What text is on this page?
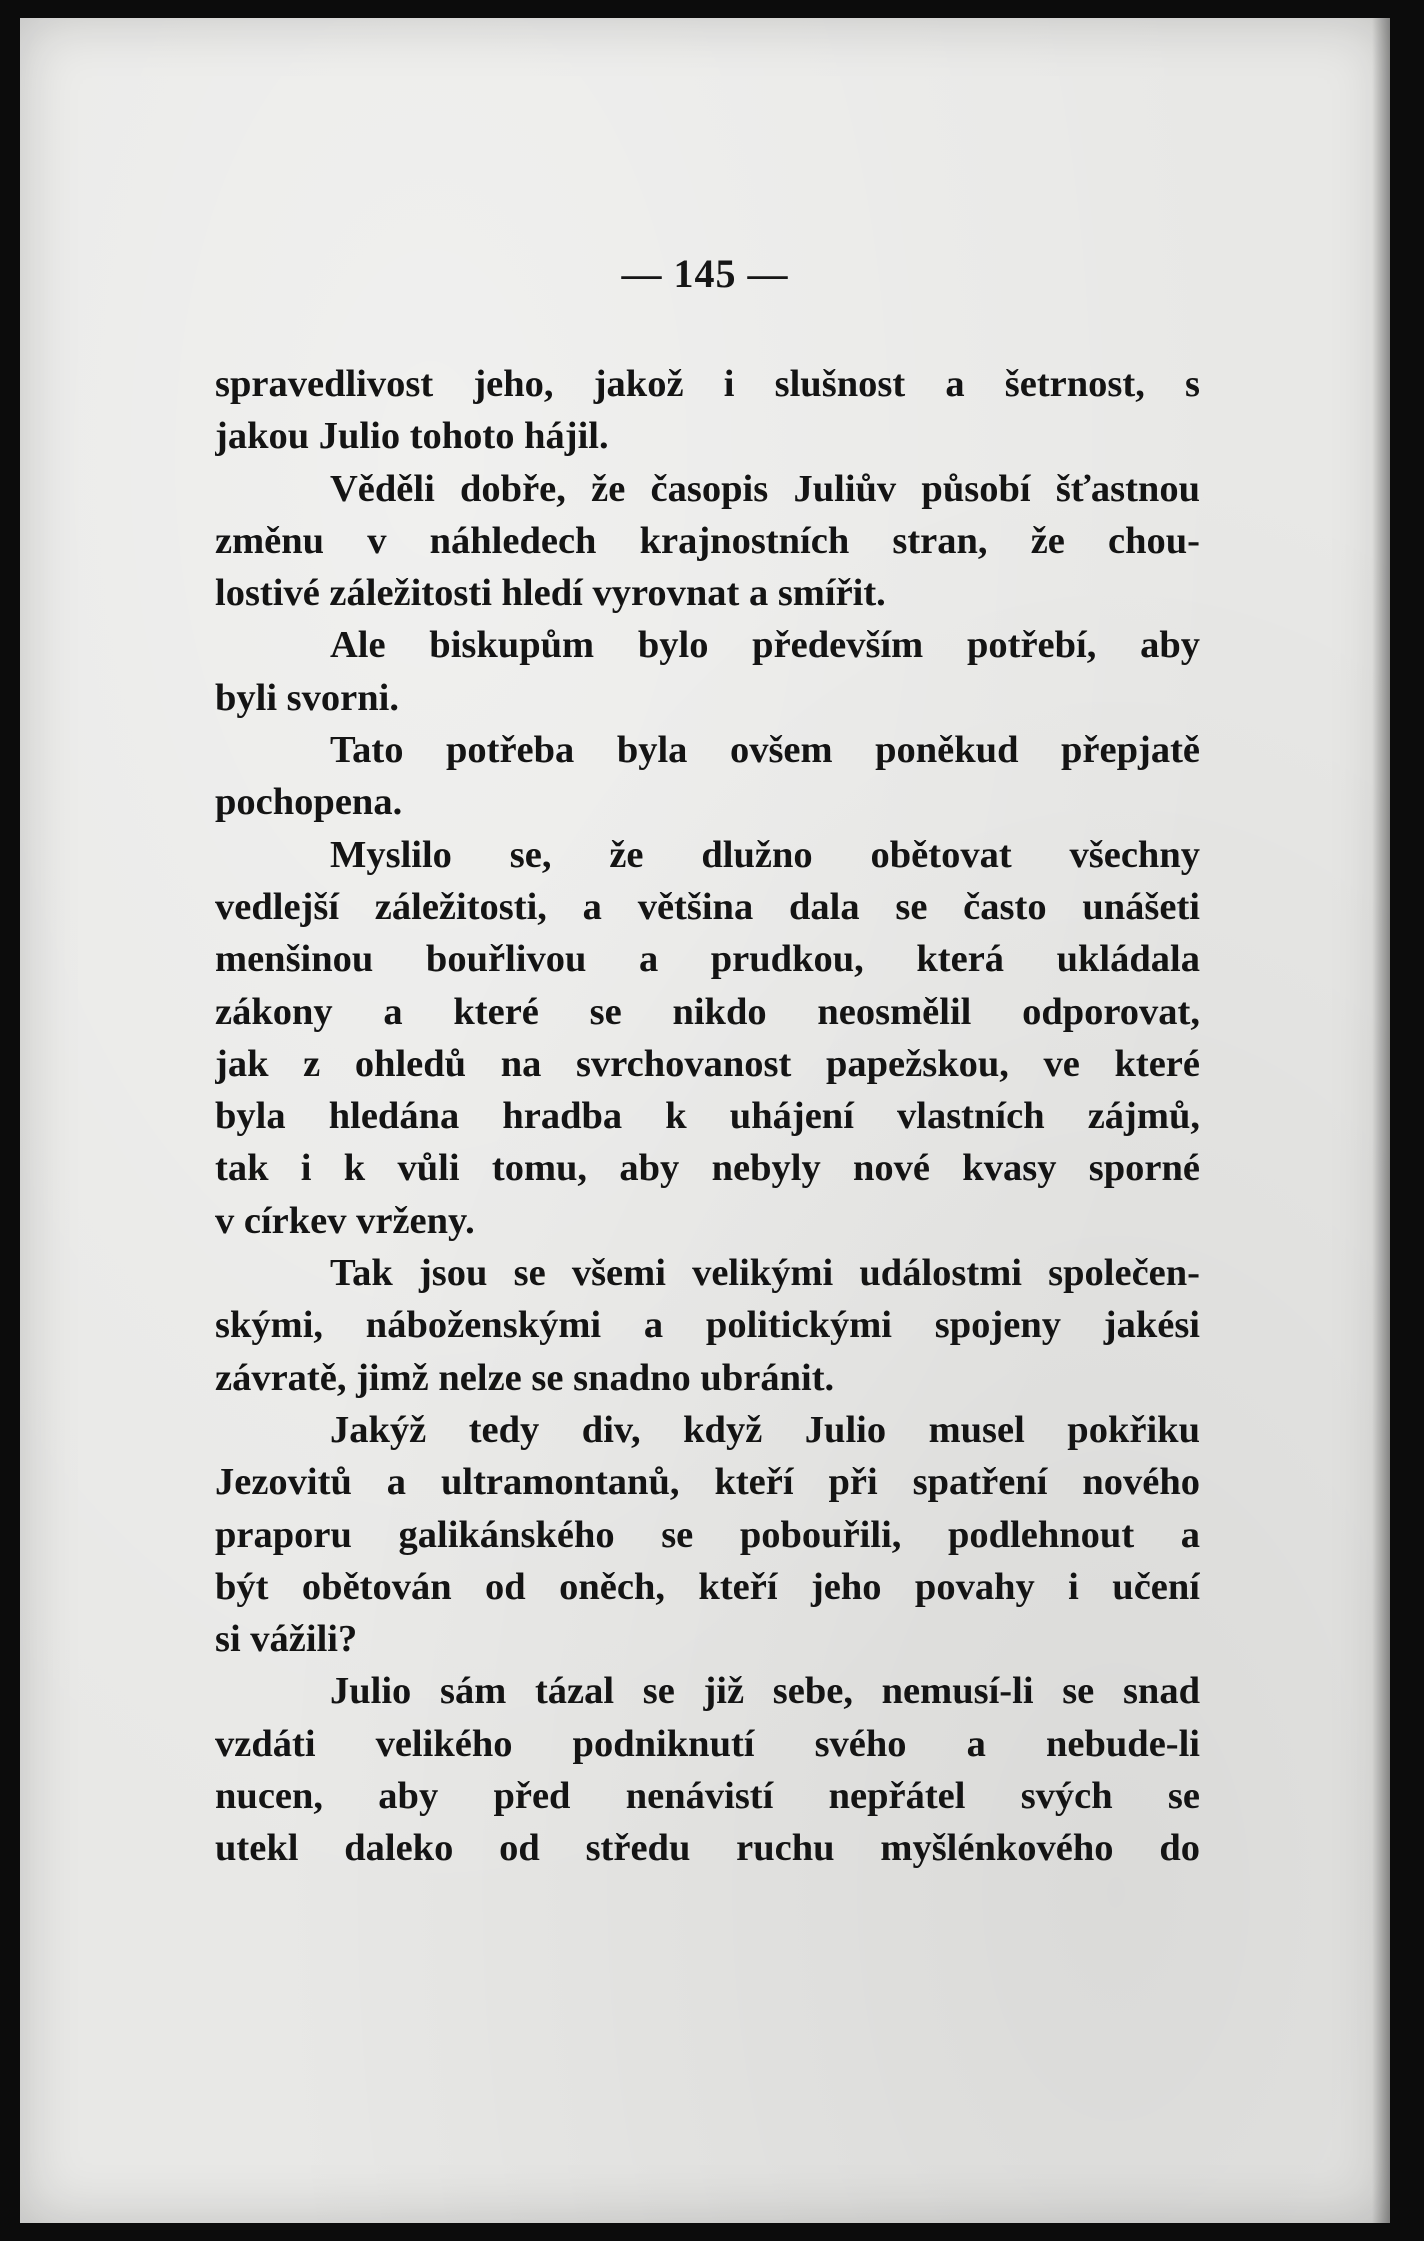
— 145 —
spravedlivost jeho, jakož i slušnost a šetrnost, s
jakou Julio tohoto hájil.
Věděli dobře, že časopis Juliův působí šťastnou
změnu v náhledech krajnostních stran, že chou-
lostivé záležitosti hledí vyrovnat a smířit.
Ale biskupům bylo především potřebí, aby
byli svorni.
Tato potřeba byla ovšem poněkud přepjatě
pochopena.
Myslilo se, že dlužno obětovat všechny
vedlejší záležitosti, a většina dala se často unášeti
menšinou bouřlivou a prudkou, která ukládala
zákony a které se nikdo neosmělil odporovat,
jak z ohledů na svrchovanost papežskou, ve které
byla hledána hradba k uhájení vlastních zájmů,
tak i k vůli tomu, aby nebyly nové kvasy sporné
v církev vrženy.
Tak jsou se všemi velikými událostmi společen-
skými, náboženskými a politickými spojeny jakési
závratě, jimž nelze se snadno ubránit.
Jakýž tedy div, když Julio musel pokřiku
Jezovitů a ultramontanů, kteří při spatření nového
praporu galikánského se pobouřili, podlehnout a
být obětován od oněch, kteří jeho povahy i učení
si vážili?
Julio sám tázal se již sebe, nemusí-li se snad
vzdáti velikého podniknutí svého a nebude-li
nucen, aby před nenávistí nepřátel svých se
utekl daleko od středu ruchu myšlénkového do
